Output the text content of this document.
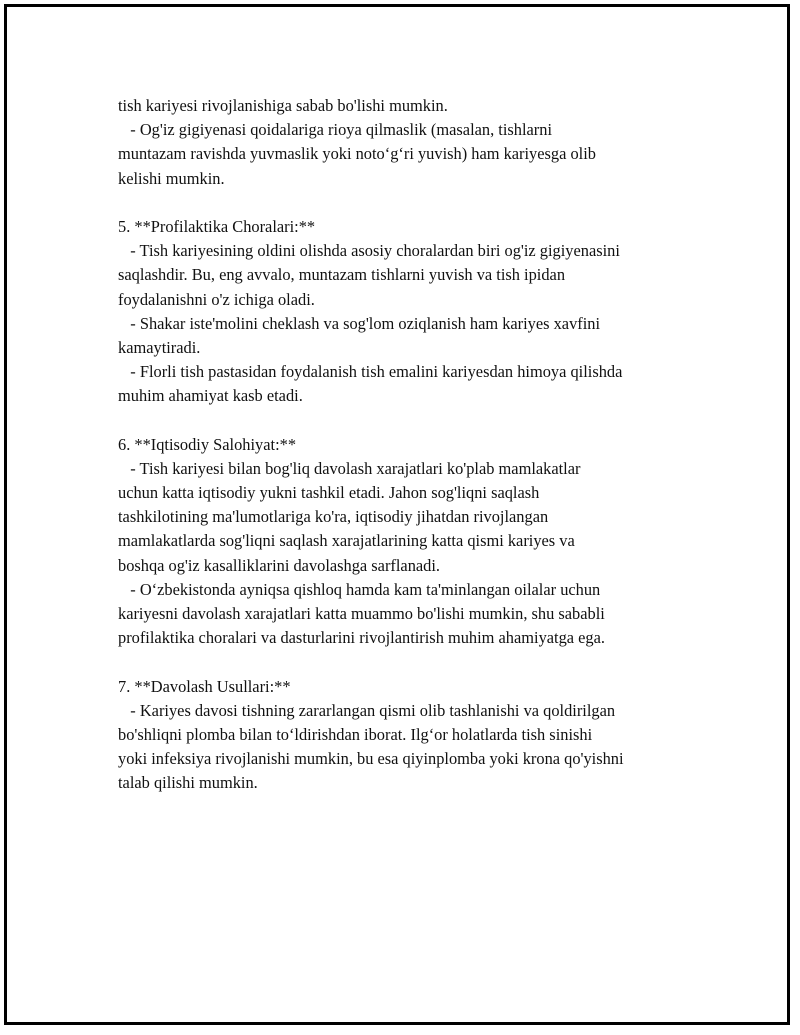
tish kariyesi rivojlanishiga sabab bo'lishi mumkin.
- Og'iz gigiyenasi qoidalariga rioya qilmaslik (masalan, tishlarni
muntazam ravishda yuvmaslik yoki noto‘g‘ri yuvish) ham kariyesga olib
kelishi mumkin.
5. **Profilaktika Choralari:**
- Tish kariyesining oldini olishda asosiy choralardan biri og'iz gigiyenasini
saqlashdir. Bu, eng avvalo, muntazam tishlarni yuvish va tish ipidan
foydalanishni o'z ichiga oladi.
- Shakar iste'molini cheklash va sog'lom oziqlanish ham kariyes xavfini
kamaytiradi.
- Florli tish pastasidan foydalanish tish emalini kariyesdan himoya qilishda
muhim ahamiyat kasb etadi.
6. **Iqtisodiy Salohiyat:**
- Tish kariyesi bilan bog'liq davolash xarajatlari ko'plab mamlakatlar
uchun katta iqtisodiy yukni tashkil etadi. Jahon sog'liqni saqlash
tashkilotining ma'lumotlariga ko'ra, iqtisodiy jihatdan rivojlangan
mamlakatlarda sog'liqni saqlash xarajatlarining katta qismi kariyes va
boshqa og'iz kasalliklarini davolashga sarflanadi.
- O‘zbekistonda ayniqsa qishloq hamda kam ta'minlangan oilalar uchun
kariyesni davolash xarajatlari katta muammo bo'lishi mumkin, shu sababli
profilaktika choralari va dasturlarini rivojlantirish muhim ahamiyatga ega.
7. **Davolash Usullari:**
- Kariyes davosi tishning zararlangan qismi olib tashlanishi va qoldirilgan
bo'shliqni plomba bilan to‘ldirishdan iborat. Ilg‘or holatlarda tish sinishi
yoki infeksiya rivojlanishi mumkin, bu esa qiyinplomba yoki krona qo'yishni
talab qilishi mumkin.
